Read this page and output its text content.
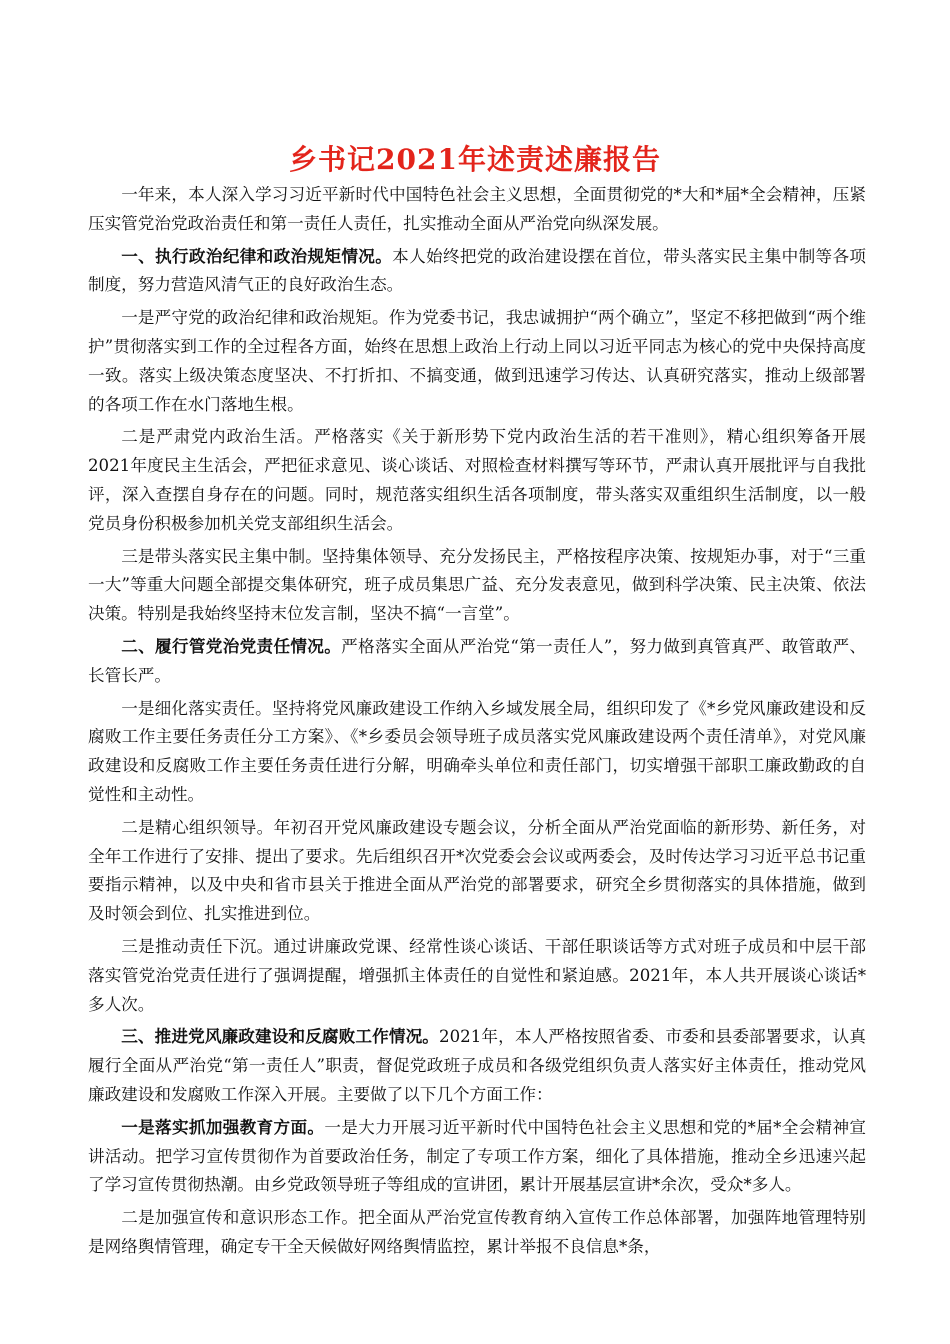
乡书记2021年述责述廉报告

一年来，本人深入学习习近平新时代中国特色社会主义思想，全面贯彻党的*大和*届*全会精神，压紧压实管党治党政治责任和第一责任人责任，扎实推动全面从严治党向纵深发展。

一、执行政治纪律和政治规矩情况。本人始终把党的政治建设摆在首位，带头落实民主集中制等各项制度，努力营造风清气正的良好政治生态。

一是严守党的政治纪律和政治规矩。作为党委书记，我忠诚拥护“两个确立”，坚定不移把做到“两个维护”贯彻落实到工作的全过程各方面，始终在思想上政治上行动上同以习近平同志为核心的党中央保持高度一致。落实上级决策态度坚决、不打折扣、不搞变通，做到迅速学习传达、认真研究落实，推动上级部署的各项工作在水门落地生根。

二是严肃党内政治生活。严格落实《关于新形势下党内政治生活的若干准则》，精心组织筹备开展2021年度民主生活会，严把征求意见、谈心谈话、对照检查材料撰写等环节，严肃认真开展批评与自我批评，深入查摆自身存在的问题。同时，规范落实组织生活各项制度，带头落实双重组织生活制度，以一般党员身份积极参加机关党支部组织生活会。

三是带头落实民主集中制。坚持集体领导、充分发扬民主，严格按程序决策、按规矩办事，对于“三重一大”等重大问题全部提交集体研究，班子成员集思广益、充分发表意见，做到科学决策、民主决策、依法决策。特别是我始终坚持末位发言制，坚决不搞“一言堂”。

二、履行管党治党责任情况。严格落实全面从严治党“第一责任人”，努力做到真管真严、敢管敢严、长管长严。

一是细化落实责任。坚持将党风廉政建设工作纳入乡域发展全局，组织印发了《*乡党风廉政建设和反腐败工作主要任务责任分工方案》、《*乡委员会领导班子成员落实党风廉政建设两个责任清单》，对党风廉政建设和反腐败工作主要任务责任进行分解，明确牵头单位和责任部门，切实增强干部职工廉政勤政的自觉性和主动性。

二是精心组织领导。年初召开党风廉政建设专题会议，分析全面从严治党面临的新形势、新任务，对全年工作进行了安排、提出了要求。先后组织召开*次党委会会议或两委会，及时传达学习习近平总书记重要指示精神，以及中央和省市县关于推进全面从严治党的部署要求，研究全乡贯彻落实的具体措施，做到及时领会到位、扎实推进到位。

三是推动责任下沉。通过讲廉政党课、经常性谈心谈话、干部任职谈话等方式对班子成员和中层干部落实管党治党责任进行了强调提醒，增强抓主体责任的自觉性和紧迫感。2021年，本人共开展谈心谈话*多人次。

三、推进党风廉政建设和反腐败工作情况。2021年，本人严格按照省委、市委和县委部署要求，认真履行全面从严治党“第一责任人”职责，督促党政班子成员和各级党组织负责人落实好主体责任，推动党风廉政建设和发腐败工作深入开展。主要做了以下几个方面工作：

一是落实抓加强教育方面。一是大力开展习近平新时代中国特色社会主义思想和党的*届*全会精神宣讲活动。把学习宣传贯彻作为首要政治任务，制定了专项工作方案，细化了具体措施，推动全乡迅速兴起了学习宣传贯彻热潮。由乡党政领导班子等组成的宣讲团，累计开展基层宣讲*余次，受众*多人。

二是加强宣传和意识形态工作。把全面从严治党宣传教育纳入宣传工作总体部署，加强阵地管理特别是网络舆情管理，确定专干全天候做好网络舆情监控，累计举报不良信息*条，
